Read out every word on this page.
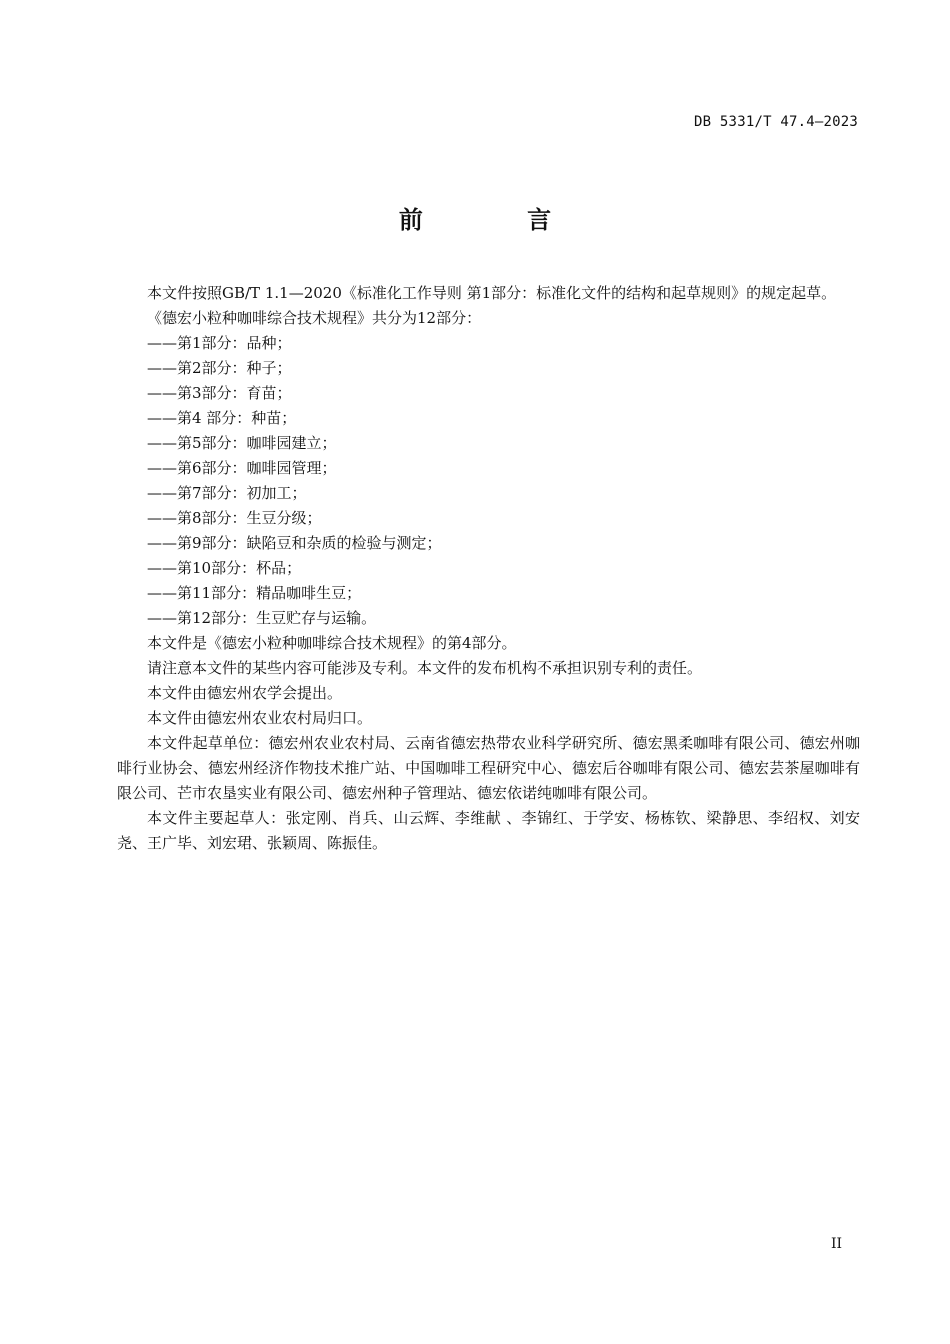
DB 5331/T 47.4—2023
前 言

本文件按照GB/T 1.1—2020《标准化工作导则 第1部分：标准化文件的结构和起草规则》的规定起草。

《德宏小粒种咖啡综合技术规程》共分为12部分：

——第1部分：品种；

——第2部分：种子；

——第3部分：育苗；

——第4 部分：种苗；

——第5部分：咖啡园建立；

——第6部分：咖啡园管理；

——第7部分：初加工；

——第8部分：生豆分级；

——第9部分：缺陷豆和杂质的检验与测定；

——第10部分：杯品；

——第11部分：精品咖啡生豆；

——第12部分：生豆贮存与运输。

本文件是《德宏小粒种咖啡综合技术规程》的第4部分。

请注意本文件的某些内容可能涉及专利。本文件的发布机构不承担识别专利的责任。

本文件由德宏州农学会提出。

本文件由德宏州农业农村局归口。

本文件起草单位：德宏州农业农村局、云南省德宏热带农业科学研究所、德宏黑柔咖啡有限公司、德宏州咖啡行业协会、德宏州经济作物技术推广站、中国咖啡工程研究中心、德宏后谷咖啡有限公司、德宏芸茶屋咖啡有限公司、芒市农垦实业有限公司、德宏州种子管理站、德宏依诺纯咖啡有限公司。

本文件主要起草人：张定刚、肖兵、山云辉、李维献 、李锦红、于学安、杨栋钦、梁静思、李绍权、刘安尧、王广毕、刘宏珺、张颖周、陈振佳。

II
